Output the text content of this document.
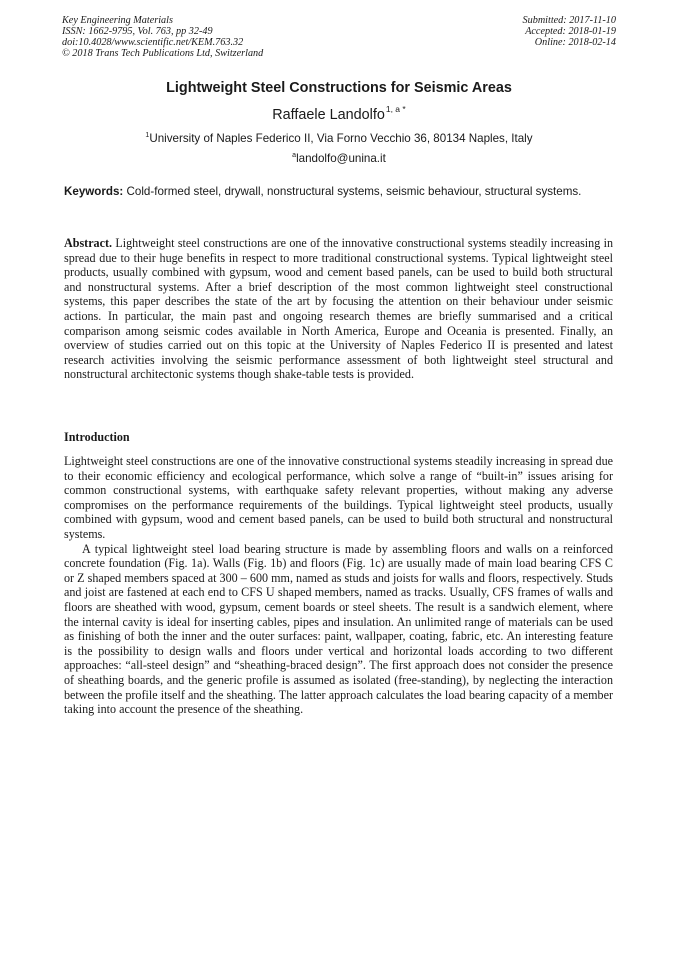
Key Engineering Materials
ISSN: 1662-9795, Vol. 763, pp 32-49
doi:10.4028/www.scientific.net/KEM.763.32
© 2018 Trans Tech Publications Ltd, Switzerland
Submitted: 2017-11-10
Accepted: 2018-01-19
Online: 2018-02-14
Lightweight Steel Constructions for Seismic Areas
Raffaele Landolfo$^{1, a *}$
$^1$University of Naples Federico II, Via Forno Vecchio 36, 80134 Naples, Italy
$^a$landolfo@unina.it
Keywords: Cold-formed steel, drywall, nonstructural systems, seismic behaviour, structural systems.
Abstract. Lightweight steel constructions are one of the innovative constructional systems steadily increasing in spread due to their huge benefits in respect to more traditional constructional systems. Typical lightweight steel products, usually combined with gypsum, wood and cement based panels, can be used to build both structural and nonstructural systems. After a brief description of the most common lightweight steel constructional systems, this paper describes the state of the art by focusing the attention on their behaviour under seismic actions. In particular, the main past and ongoing research themes are briefly summarised and a critical comparison among seismic codes available in North America, Europe and Oceania is presented. Finally, an overview of studies carried out on this topic at the University of Naples Federico II is presented and latest research activities involving the seismic performance assessment of both lightweight steel structural and nonstructural architectonic systems though shake-table tests is provided.
Introduction

Lightweight steel constructions are one of the innovative constructional systems steadily increasing in spread due to their economic efficiency and ecological performance, which solve a range of “built-in” issues arising for common constructional systems, with earthquake safety relevant properties, without making any adverse compromises on the performance requirements of the buildings. Typical lightweight steel products, usually combined with gypsum, wood and cement based panels, can be used to build both structural and nonstructural systems.

A typical lightweight steel load bearing structure is made by assembling floors and walls on a reinforced concrete foundation (Fig. 1a). Walls (Fig. 1b) and floors (Fig. 1c) are usually made of main load bearing CFS C or Z shaped members spaced at 300 – 600 mm, named as studs and joists for walls and floors, respectively. Studs and joist are fastened at each end to CFS U shaped members, named as tracks. Usually, CFS frames of walls and floors are sheathed with wood, gypsum, cement boards or steel sheets. The result is a sandwich element, where the internal cavity is ideal for inserting cables, pipes and insulation. An unlimited range of materials can be used as finishing of both the inner and the outer surfaces: paint, wallpaper, coating, fabric, etc. An interesting feature is the possibility to design walls and floors under vertical and horizontal loads according to two different approaches: “all-steel design” and “sheathing-braced design”. The first approach does not consider the presence of sheathing boards, and the generic profile is assumed as isolated (free-standing), by neglecting the interaction between the profile itself and the sheathing. The latter approach calculates the load bearing capacity of a member taking into account the presence of the sheathing.
